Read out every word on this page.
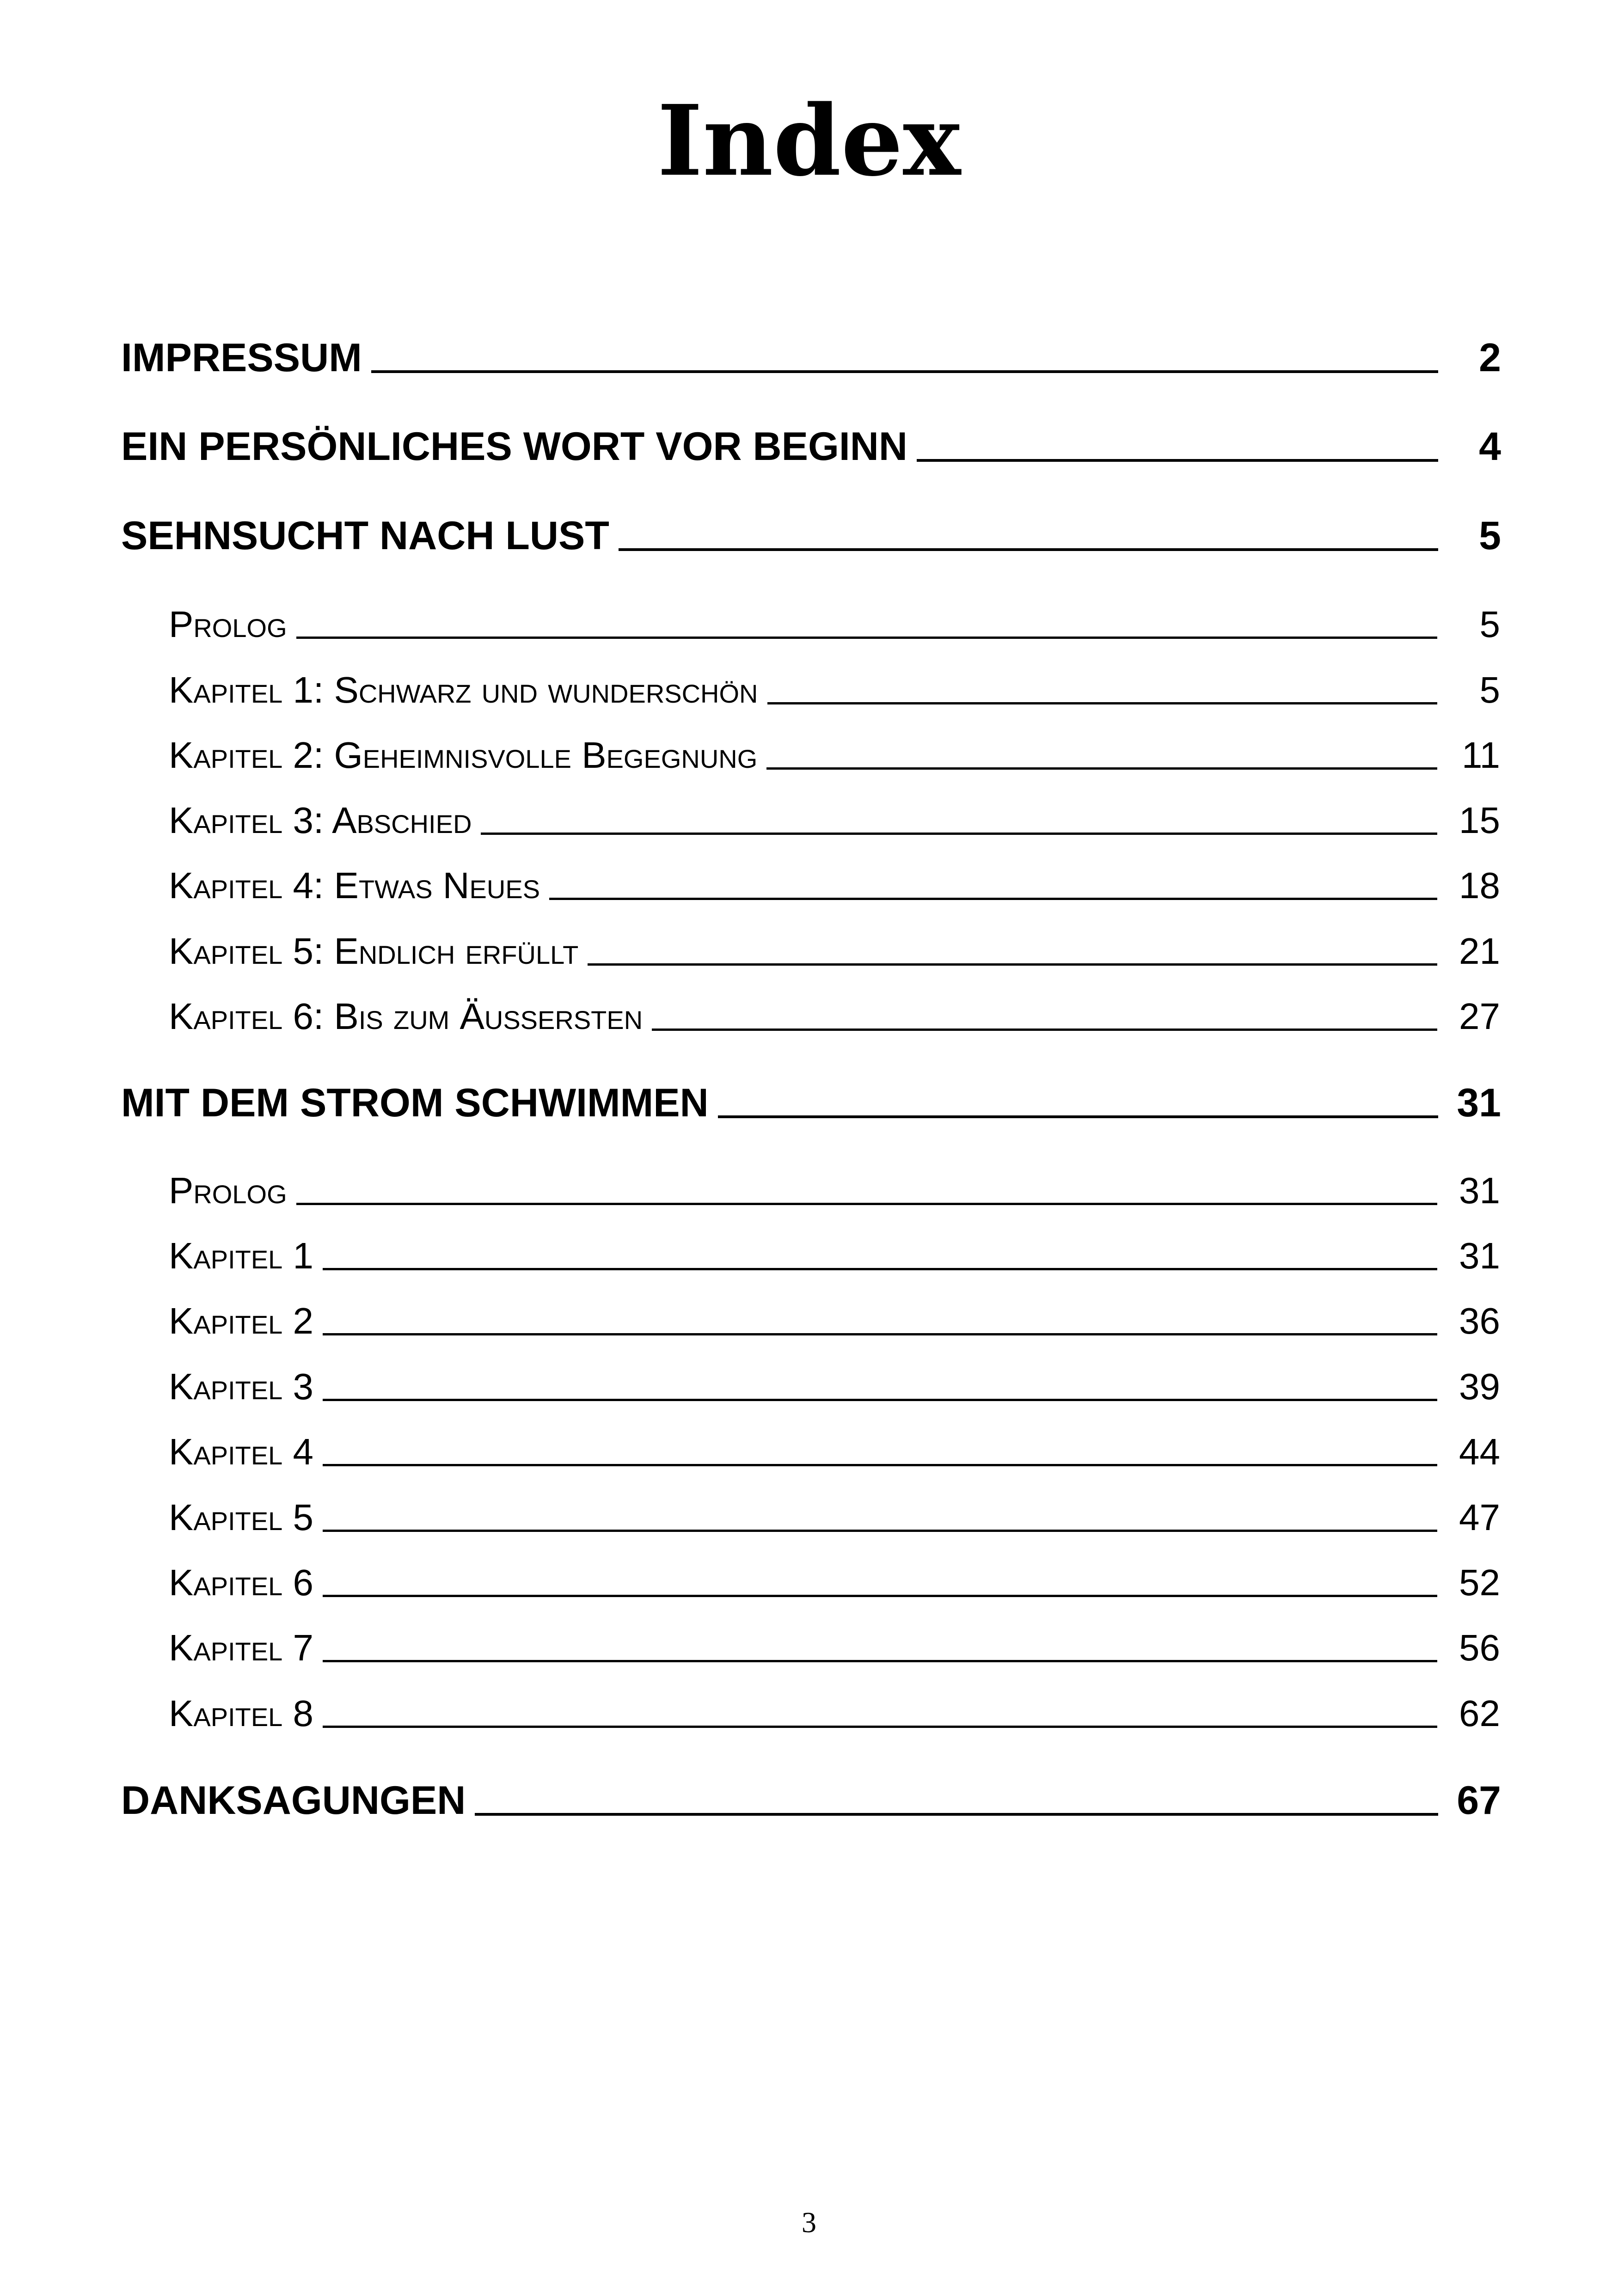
Index
IMPRESSUM	2
EIN PERSÖNLICHES WORT VOR BEGINN	4
SEHNSUCHT NACH LUST	5
Prolog	5
Kapitel 1: Schwarz und wunderschön	5
Kapitel 2: Geheimnisvolle Begegnung	11
Kapitel 3: Abschied	15
Kapitel 4: Etwas Neues	18
Kapitel 5: Endlich erfüllt	21
Kapitel 6: Bis zum Äußersten	27
MIT DEM STROM SCHWIMMEN	31
Prolog	31
Kapitel 1	31
Kapitel 2	36
Kapitel 3	39
Kapitel 4	44
Kapitel 5	47
Kapitel 6	52
Kapitel 7	56
Kapitel 8	62
DANKSAGUNGEN	67
3
